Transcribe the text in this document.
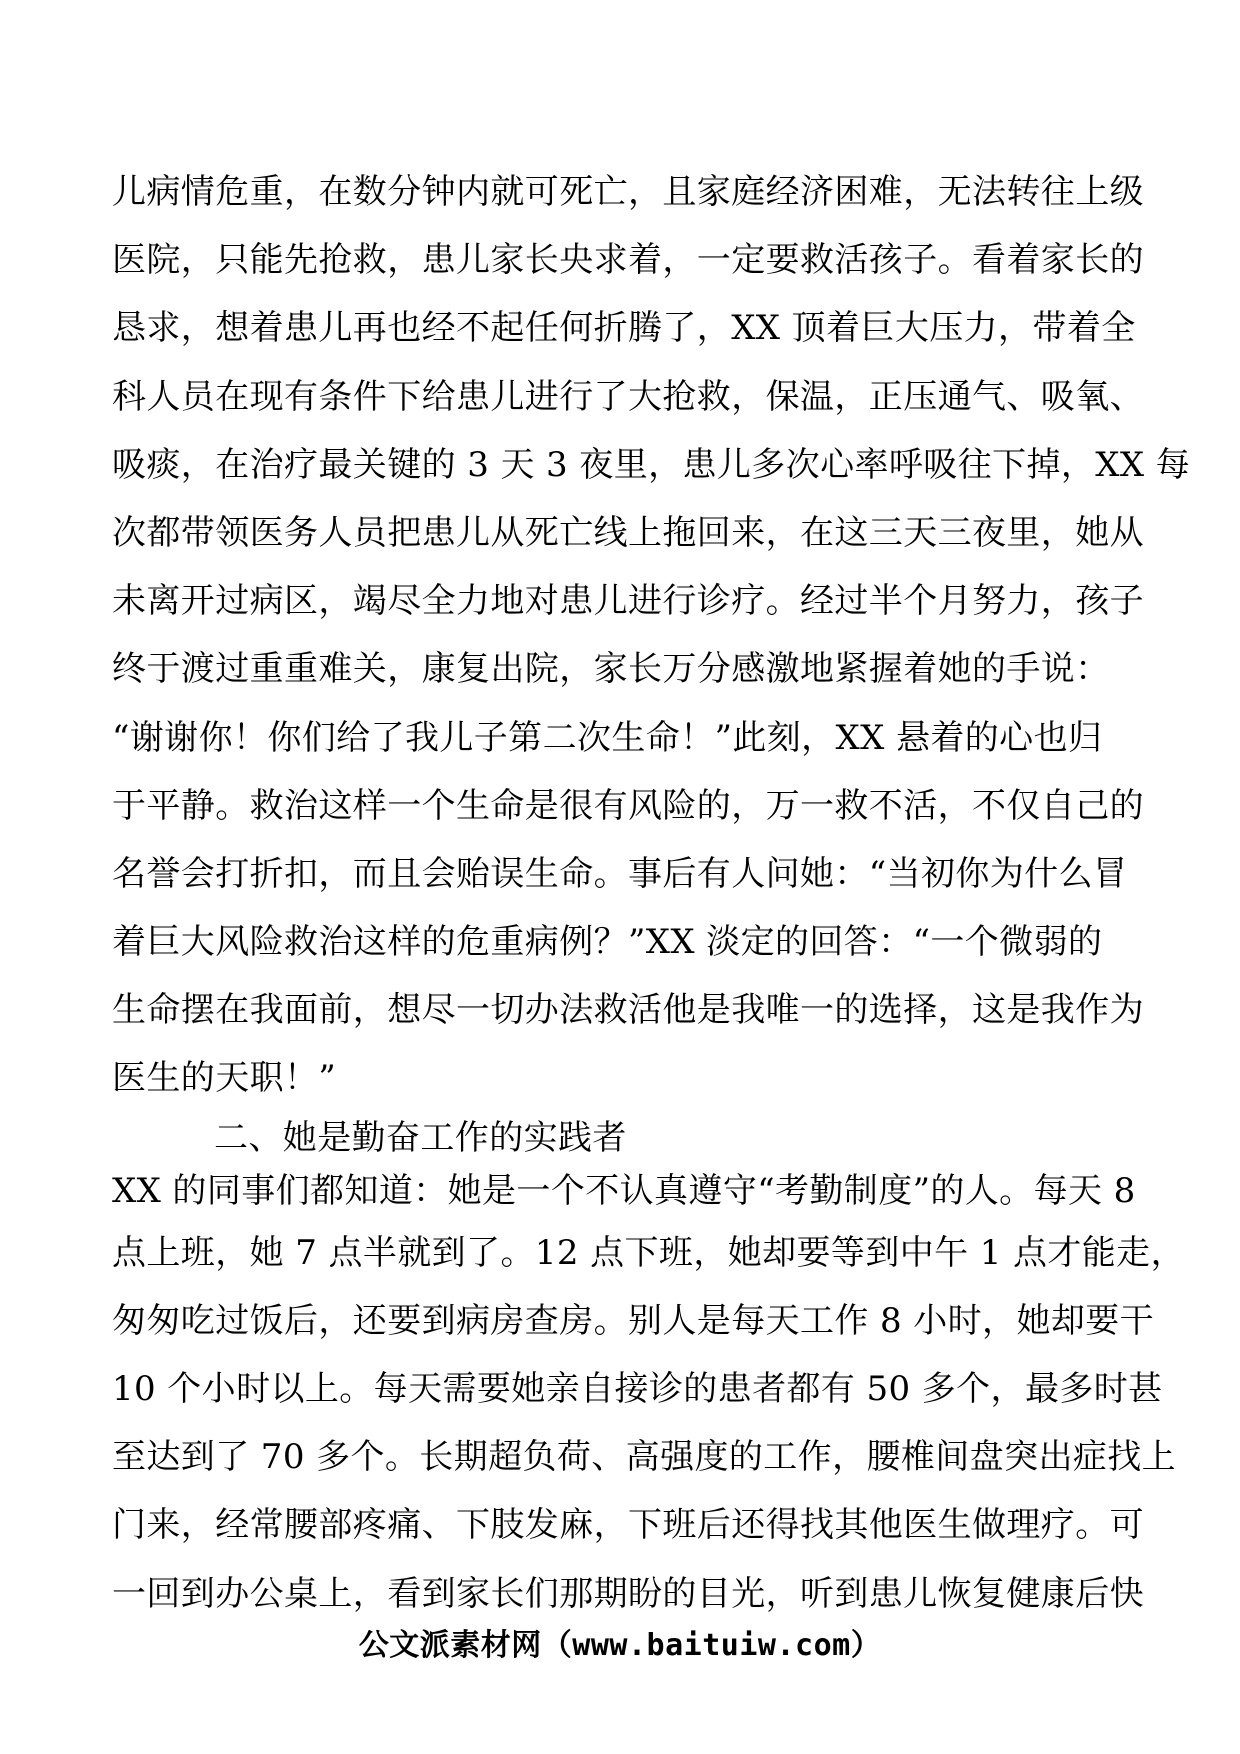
儿病情危重，在数分钟内就可死亡，且家庭经济困难，无法转往上级
医院，只能先抢救，患儿家长央求着，一定要救活孩子。看着家长的
恳求，想着患儿再也经不起任何折腾了，XX 顶着巨大压力，带着全
科人员在现有条件下给患儿进行了大抢救，保温，正压通气、吸氧、
吸痰，在治疗最关键的 3 天 3 夜里，患儿多次心率呼吸往下掉，XX 每
次都带领医务人员把患儿从死亡线上拖回来，在这三天三夜里，她从
未离开过病区，竭尽全力地对患儿进行诊疗。经过半个月努力，孩子
终于渡过重重难关，康复出院，家长万分感激地紧握着她的手说：
“谢谢你！你们给了我儿子第二次生命！”此刻，XX 悬着的心也归
于平静。救治这样一个生命是很有风险的，万一救不活，不仅自己的
名誉会打折扣，而且会贻误生命。事后有人问她：“当初你为什么冒
着巨大风险救治这样的危重病例？”XX 淡定的回答：“一个微弱的
生命摆在我面前，想尽一切办法救活他是我唯一的选择，这是我作为
医生的天职！”
二、她是勤奋工作的实践者
XX 的同事们都知道：她是一个不认真遵守“考勤制度”的人。每天 8
点上班，她 7 点半就到了。12 点下班，她却要等到中午 1 点才能走，
匆匆吃过饭后，还要到病房查房。别人是每天工作 8 小时，她却要干
10 个小时以上。每天需要她亲自接诊的患者都有 50 多个，最多时甚
至达到了 70 多个。长期超负荷、高强度的工作，腰椎间盘突出症找上
门来，经常腰部疼痛、下肢发麻，下班后还得找其他医生做理疗。可
一回到办公桌上，看到家长们那期盼的目光，听到患儿恢复健康后快
公文派素材网（www.baituiw.com）
